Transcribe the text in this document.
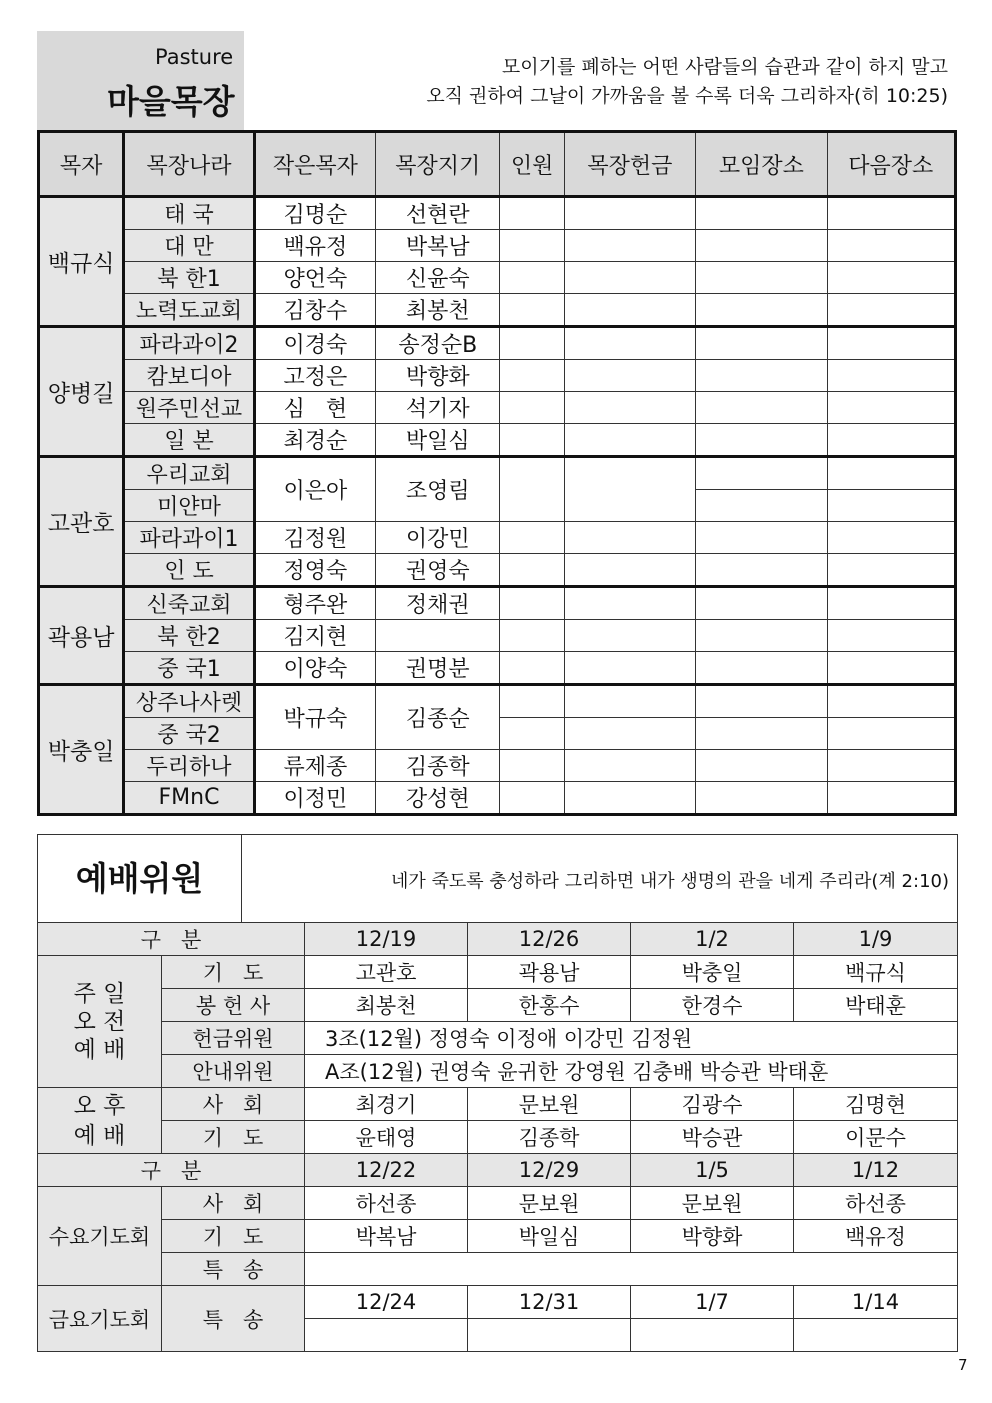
Pasture
마을목장
모이기를 폐하는 어떤 사람들의 습관과 같이 하지 말고
오직 권하여 그날이 가까움을 볼 수록 더욱 그리하자(히 10:25)
목자	목장나라	작은목자	목장지기	인원	목장헌금	모임장소	다음장소
백규식	태 국	김명순	선현란				
	대 만	백유정	박복남				
	북 한1	양언숙	신윤숙				
	노력도교회	김창수	최봉천				
양병길	파라과이2	이경숙	송정순B				
	캄보디아	고정은	박향화				
	원주민선교	심   현	석기자				
	일 본	최경순	박일심				
고관호	우리교회	이은아	조영림				
	미얀마						
	파라과이1	김정원	이강민				
	인 도	정영숙	권영숙				
곽용남	신죽교회	형주완	정채권				
	북 한2	김지현					
	중 국1	이양숙	권명분				
박충일	상주나사렛	박규숙	김종순				
	중 국2						
	두리하나	류제종	김종학				
	FMnC	이정민	강성현				
예배위원	네가 죽도록 충성하라 그리하면 내가 생명의 관을 네게 주리라(계 2:10)
구   분		12/19	12/26	1/2	1/9
주 일
오 전
예 배	기   도	고관호	곽용남	박충일	백규식
	봉 헌 사	최봉천	한홍수	한경수	박태훈
	헌금위원	3조(12월) 정영숙 이정애 이강민 김정원			
	안내위원	A조(12월) 권영숙 윤귀한 강영원 김충배 박승관 박태훈			
오 후
예 배	사   회	최경기	문보원	김광수	김명현
	기   도	윤태영	김종학	박승관	이문수
구   분		12/22	12/29	1/5	1/12
수요기도회	사   회	하선종	문보원	문보원	하선종
	기   도	박복남	박일심	박향화	백유정
	특   송				
금요기도회	특   송	12/24	12/31	1/7	1/14

7
